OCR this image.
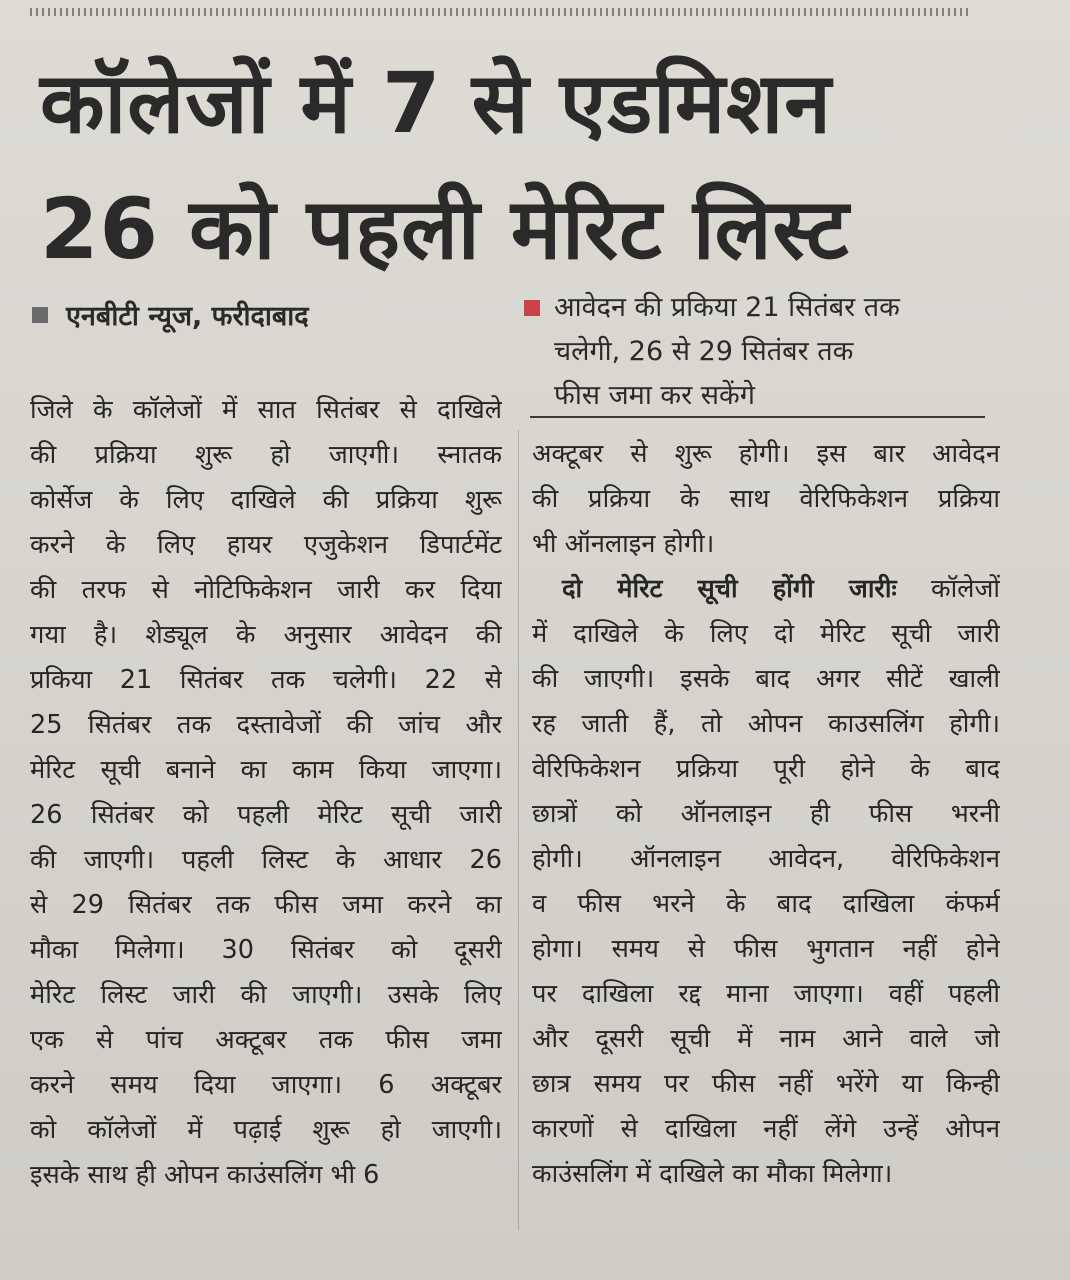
कॉलेजों में 7 से एडमिशन
26 को पहली मेरिट लिस्ट
एनबीटी न्यूज, फरीदाबाद	आवेदन की प्रकिया 21 सितंबर तक
चलेगी, 26 से 29 सितंबर तक
फीस जमा कर सकेंगे
जिले के कॉलेजों में सात सितंबर से दाखिले
की प्रक्रिया शुरू हो जाएगी। स्नातक
कोर्सेज के लिए दाखिले की प्रक्रिया शुरू
करने के लिए हायर एजुकेशन डिपार्टमेंट
की तरफ से नोटिफिकेशन जारी कर दिया
गया है। शेड्यूल के अनुसार आवेदन की
प्रकिया 21 सितंबर तक चलेगी। 22 से
25 सितंबर तक दस्तावेजों की जांच और
मेरिट सूची बनाने का काम किया जाएगा।
26 सितंबर को पहली मेरिट सूची जारी
की जाएगी। पहली लिस्ट के आधार 26
से 29 सितंबर तक फीस जमा करने का
मौका मिलेगा। 30 सितंबर को दूसरी
मेरिट लिस्ट जारी की जाएगी। उसके लिए
एक से पांच अक्टूबर तक फीस जमा
करने समय दिया जाएगा। 6 अक्टूबर
को कॉलेजों में पढ़ाई शुरू हो जाएगी।
इसके साथ ही ओपन काउंसलिंग भी 6
अक्टूबर से शुरू होगी। इस बार आवेदन
की प्रक्रिया के साथ वेरिफिकेशन प्रक्रिया
भी ऑनलाइन होगी।
दो मेरिट सूची होंगी जारीः कॉलेजों
में दाखिले के लिए दो मेरिट सूची जारी
की जाएगी। इसके बाद अगर सीटें खाली
रह जाती हैं, तो ओपन काउसलिंग होगी।
वेरिफिकेशन प्रक्रिया पूरी होने के बाद
छात्रों को ऑनलाइन ही फीस भरनी
होगी। ऑनलाइन आवेदन, वेरिफिकेशन
व फीस भरने के बाद दाखिला कंफर्म
होगा। समय से फीस भुगतान नहीं होने
पर दाखिला रद्द माना जाएगा। वहीं पहली
और दूसरी सूची में नाम आने वाले जो
छात्र समय पर फीस नहीं भरेंगे या किन्ही
कारणों से दाखिला नहीं लेंगे उन्हें ओपन
काउंसलिंग में दाखिले का मौका मिलेगा।
